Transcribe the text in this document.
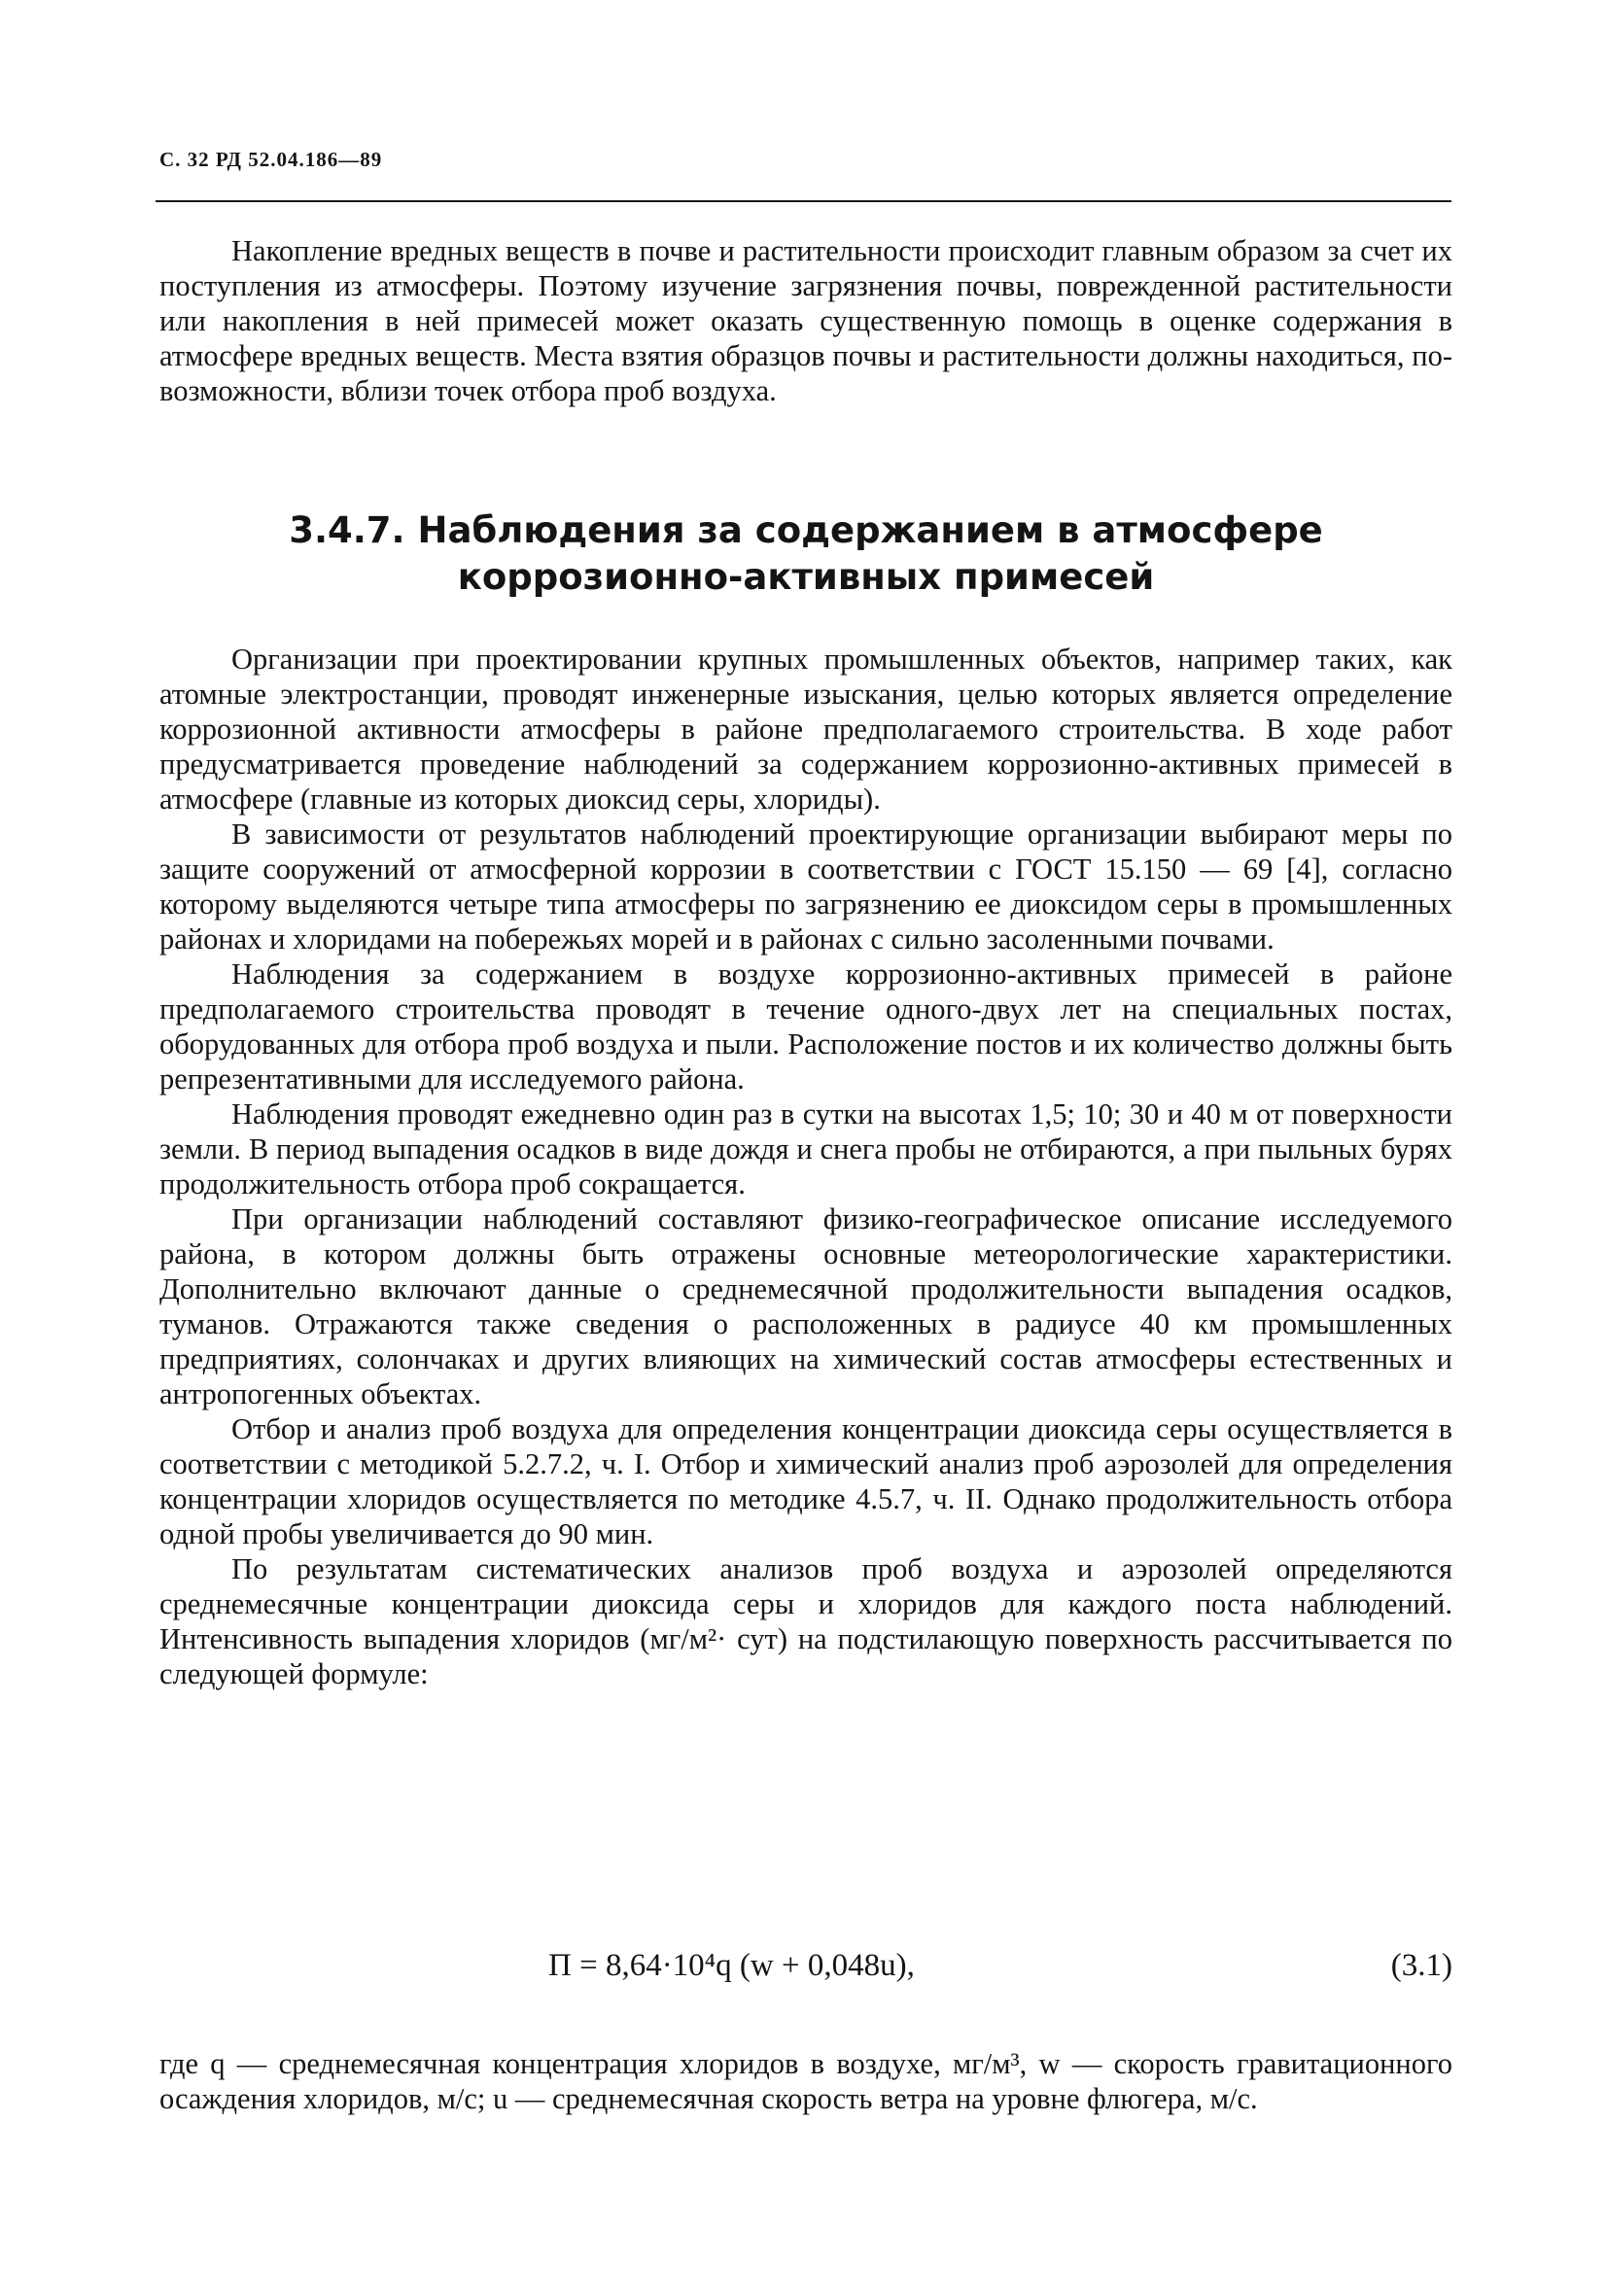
С. 32 РД 52.04.186—89

Накопление вредных веществ в почве и растительности происходит главным образом за счет их поступления из атмосферы. Поэтому изучение загрязнения почвы, поврежденной растительности или накопления в ней примесей может оказать существенную помощь в оценке содержания в атмосфере вредных веществ. Места взятия образцов почвы и растительности должны находиться, по-возможности, вблизи точек отбора проб воздуха.

3.4.7. Наблюдения за содержанием в атмосфере
коррозионно-активных примесей

Организации при проектировании крупных промышленных объектов, например таких, как атомные электростанции, проводят инженерные изыскания, целью которых является определение коррозионной активности атмосферы в районе предполагаемого строительства. В ходе работ предусматривается проведение наблюдений за содержанием коррозионно-активных примесей в атмосфере (главные из которых диоксид серы, хлориды).

В зависимости от результатов наблюдений проектирующие организации выбирают меры по защите сооружений от атмосферной коррозии в соответствии с ГОСТ 15.150 — 69 [4], согласно которому выделяются четыре типа атмосферы по загрязнению ее диоксидом серы в промышленных районах и хлоридами на побережьях морей и в районах с сильно засоленными почвами.

Наблюдения за содержанием в воздухе коррозионно-активных примесей в районе предполагаемого строительства проводят в течение одного-двух лет на специальных постах, оборудованных для отбора проб воздуха и пыли. Расположение постов и их количество должны быть репрезентативными для исследуемого района.

Наблюдения проводят ежедневно один раз в сутки на высотах 1,5; 10; 30 и 40 м от поверхности земли. В период выпадения осадков в виде дождя и снега пробы не отбираются, а при пыльных бурях продолжительность отбора проб сокращается.

При организации наблюдений составляют физико-географическое описание исследуемого района, в котором должны быть отражены основные метеорологические характеристики. Дополнительно включают данные о среднемесячной продолжительности выпадения осадков, туманов. Отражаются также сведения о расположенных в радиусе 40 км промышленных предприятиях, солончаках и других влияющих на химический состав атмосферы естественных и антропогенных объектах.

Отбор и анализ проб воздуха для определения концентрации диоксида серы осуществляется в соответствии с методикой 5.2.7.2, ч. I. Отбор и химический анализ проб аэрозолей для определения концентрации хлоридов осуществляется по методике 4.5.7, ч. II. Однако продолжительность отбора одной пробы увеличивается до 90 мин.

По результатам систематических анализов проб воздуха и аэрозолей определяются среднемесячные концентрации диоксида серы и хлоридов для каждого поста наблюдений. Интенсивность выпадения хлоридов (мг/м²· сут) на подстилающую поверхность рассчитывается по следующей формуле:

П = 8,64·10⁴q (w + 0,048u),	(3.1)

где q — среднемесячная концентрация хлоридов в воздухе, мг/м³, w — скорость гравитационного осаждения хлоридов, м/с; u — среднемесячная скорость ветра на уровне флюгера, м/с.
